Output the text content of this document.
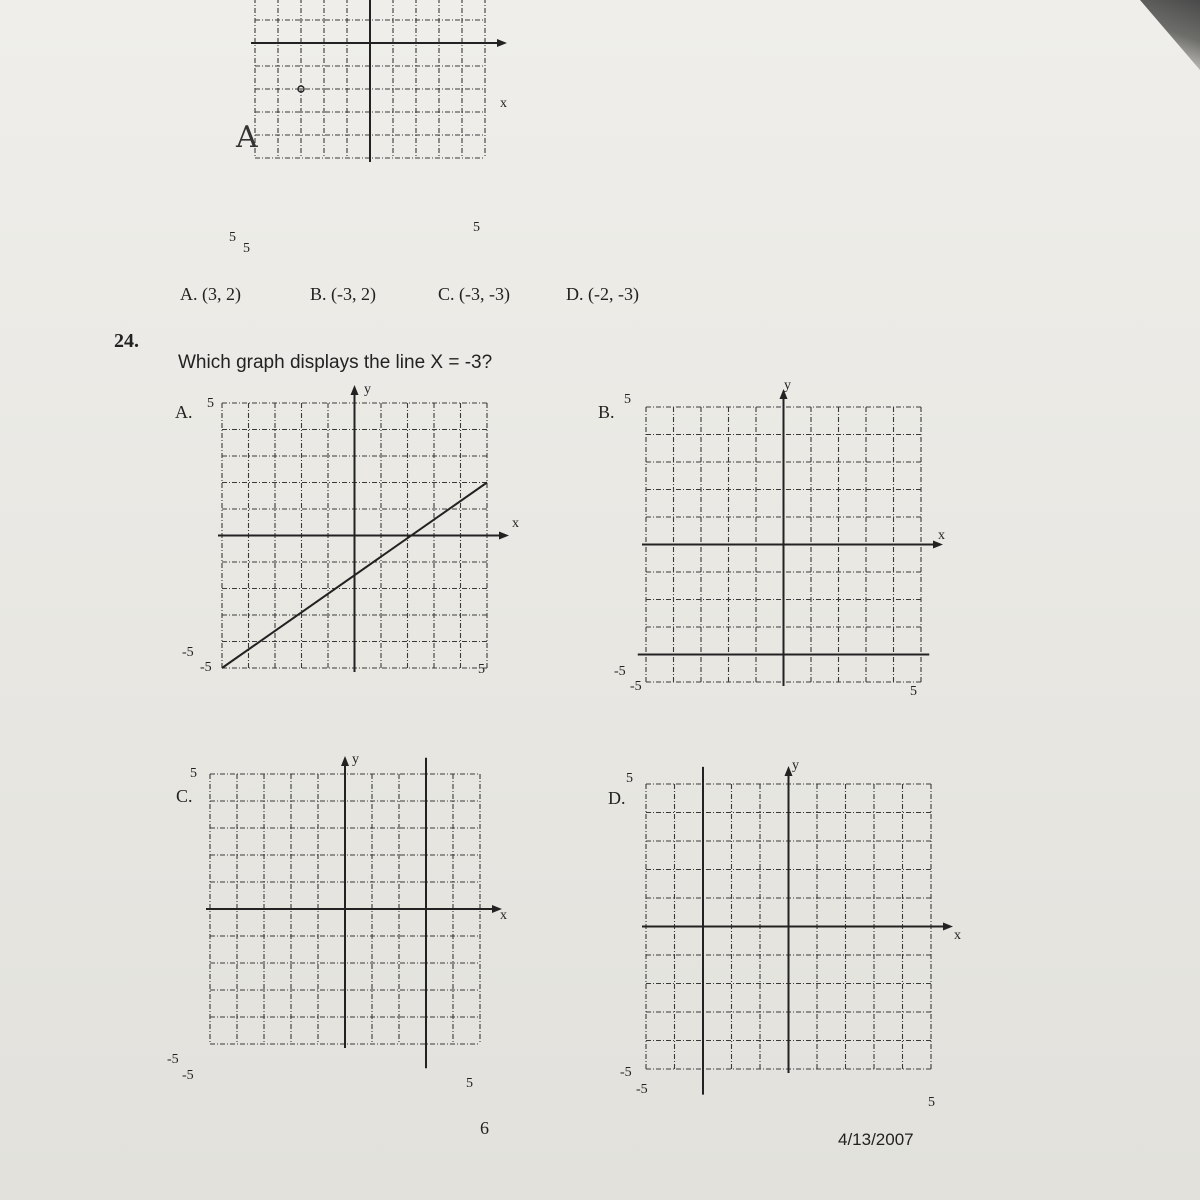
A
5
5
5
x
A. (3, 2)	B. (-3, 2)	C. (-3, -3)	D. (-2, -3)
24.
Which graph displays the line X = -3?
A. 5
-5
-5	5
x
y
B.
5
-5
-5	5
x
y
C.
5
-5
-5
5
x
y
D.
5
-5
-5
5
x
y
6
4/13/2007
